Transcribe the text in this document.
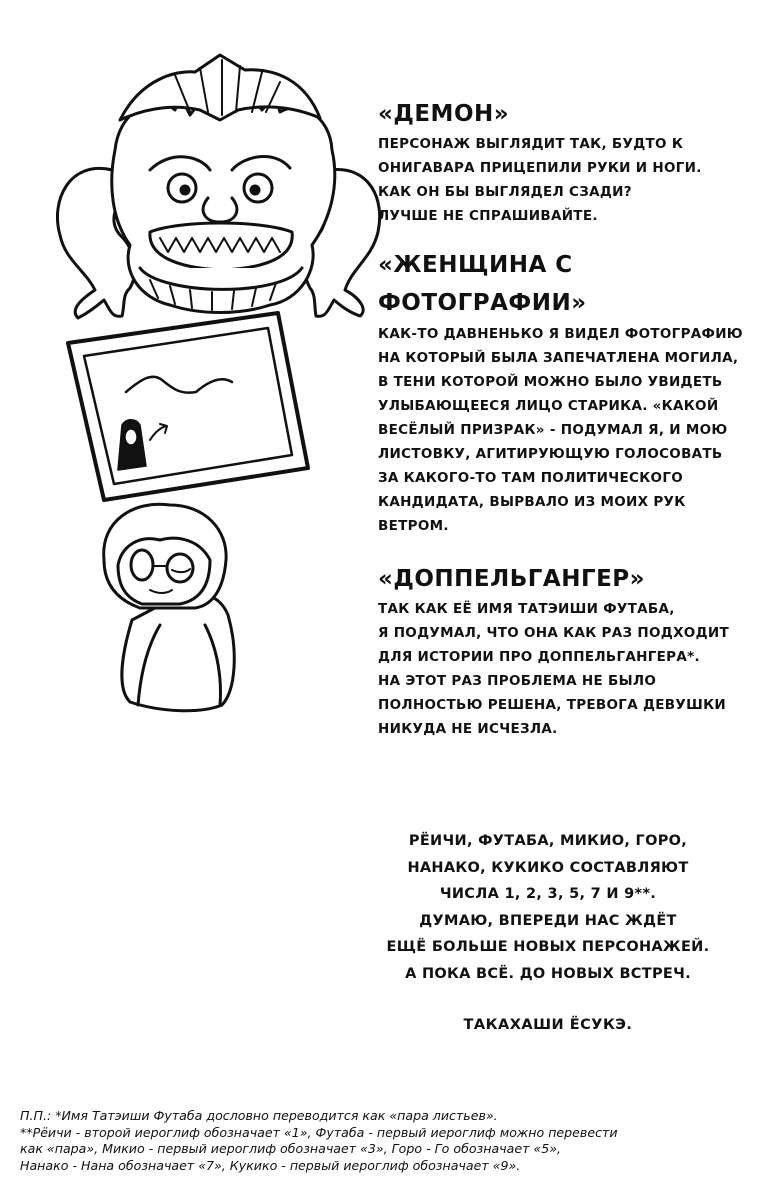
«ДЕМОН»
ПЕРСОНАЖ ВЫГЛЯДИТ ТАК, БУДТО К
ОНИГАВАРА ПРИЦЕПИЛИ РУКИ И НОГИ.
КАК ОН БЫ ВЫГЛЯДЕЛ СЗАДИ?
ЛУЧШЕ НЕ СПРАШИВАЙТЕ.
«ЖЕНЩИНА С
ФОТОГРАФИИ»
КАК-ТО ДАВНЕНЬКО Я ВИДЕЛ ФОТОГРАФИЮ
НА КОТОРЫЙ БЫЛА ЗАПЕЧАТЛЕНА МОГИЛА,
В ТЕНИ КОТОРОЙ МОЖНО БЫЛО УВИДЕТЬ
УЛЫБАЮЩЕЕСЯ ЛИЦО СТАРИКА. «КАКОЙ
ВЕСЁЛЫЙ ПРИЗРАК» - ПОДУМАЛ Я, И МОЮ
ЛИСТОВКУ, АГИТИРУЮЩУЮ ГОЛОСОВАТЬ
ЗА КАКОГО-ТО ТАМ ПОЛИТИЧЕСКОГО
КАНДИДАТА, ВЫРВАЛО ИЗ МОИХ РУК
ВЕТРОМ.
«ДОППЕЛЬГАНГЕР»
ТАК КАК ЕЁ ИМЯ ТАТЭИШИ ФУТАБА,
Я ПОДУМАЛ, ЧТО ОНА КАК РАЗ ПОДХОДИТ
ДЛЯ ИСТОРИИ ПРО ДОППЕЛЬГАНГЕРА*.
НА ЭТОТ РАЗ ПРОБЛЕМА НЕ БЫЛО
ПОЛНОСТЬЮ РЕШЕНА, ТРЕВОГА ДЕВУШКИ
НИКУДА НЕ ИСЧЕЗЛА.
РЁИЧИ, ФУТАБА, МИКИО, ГОРО,
НАНАКО, КУКИКО СОСТАВЛЯЮТ
ЧИСЛА 1, 2, 3, 5, 7 И 9**.
ДУМАЮ, ВПЕРЕДИ НАС ЖДЁТ
ЕЩЁ БОЛЬШЕ НОВЫХ ПЕРСОНАЖЕЙ.
А ПОКА ВСЁ. ДО НОВЫХ ВСТРЕЧ.
ТАКАХАШИ ЁСУКЭ.
П.П.: *Имя Татэиши Футаба дословно переводится как «пара листьев».
**Рёичи - второй иероглиф обозначает «1», Футаба - первый иероглиф можно перевести
как «пара», Микио - первый иероглиф обозначает «3», Горо - Го обозначает «5»,
Нанако - Нана обозначает «7», Кукико - первый иероглиф обозначает «9».
